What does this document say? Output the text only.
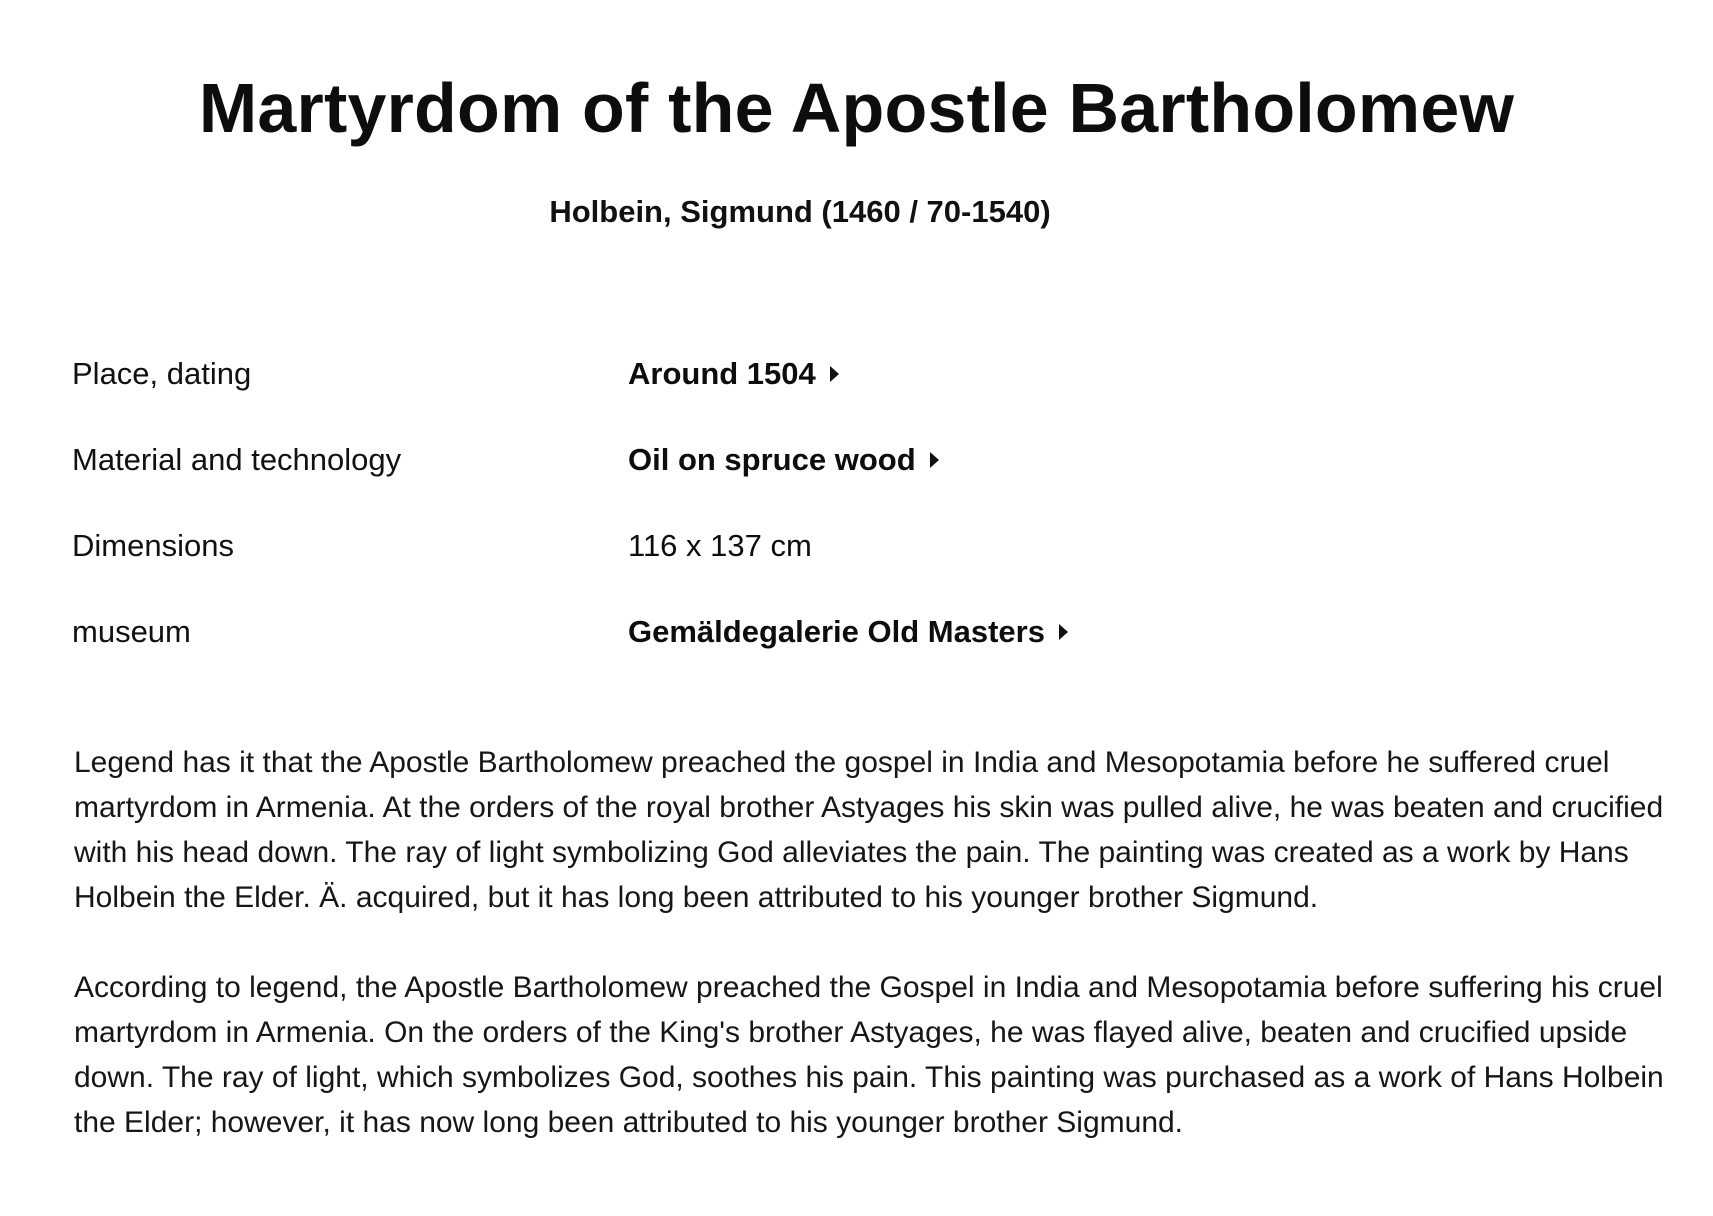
Martyrdom of the Apostle Bartholomew
Holbein, Sigmund (1460 / 70-1540)
Place, dating	Around 1504
Material and technology	Oil on spruce wood
Dimensions	116 x 137 cm
museum	Gemäldegalerie Old Masters

Legend has it that the Apostle Bartholomew preached the gospel in India and Mesopotamia before he suffered cruel martyrdom in Armenia. At the orders of the royal brother Astyages his skin was pulled alive, he was beaten and crucified with his head down. The ray of light symbolizing God alleviates the pain. The painting was created as a work by Hans Holbein the Elder. Ä. acquired, but it has long been attributed to his younger brother Sigmund.

According to legend, the Apostle Bartholomew preached the Gospel in India and Mesopotamia before suffering his cruel martyrdom in Armenia. On the orders of the King's brother Astyages, he was flayed alive, beaten and crucified upside down. The ray of light, which symbolizes God, soothes his pain. This painting was purchased as a work of Hans Holbein the Elder; however, it has now long been attributed to his younger brother Sigmund.
